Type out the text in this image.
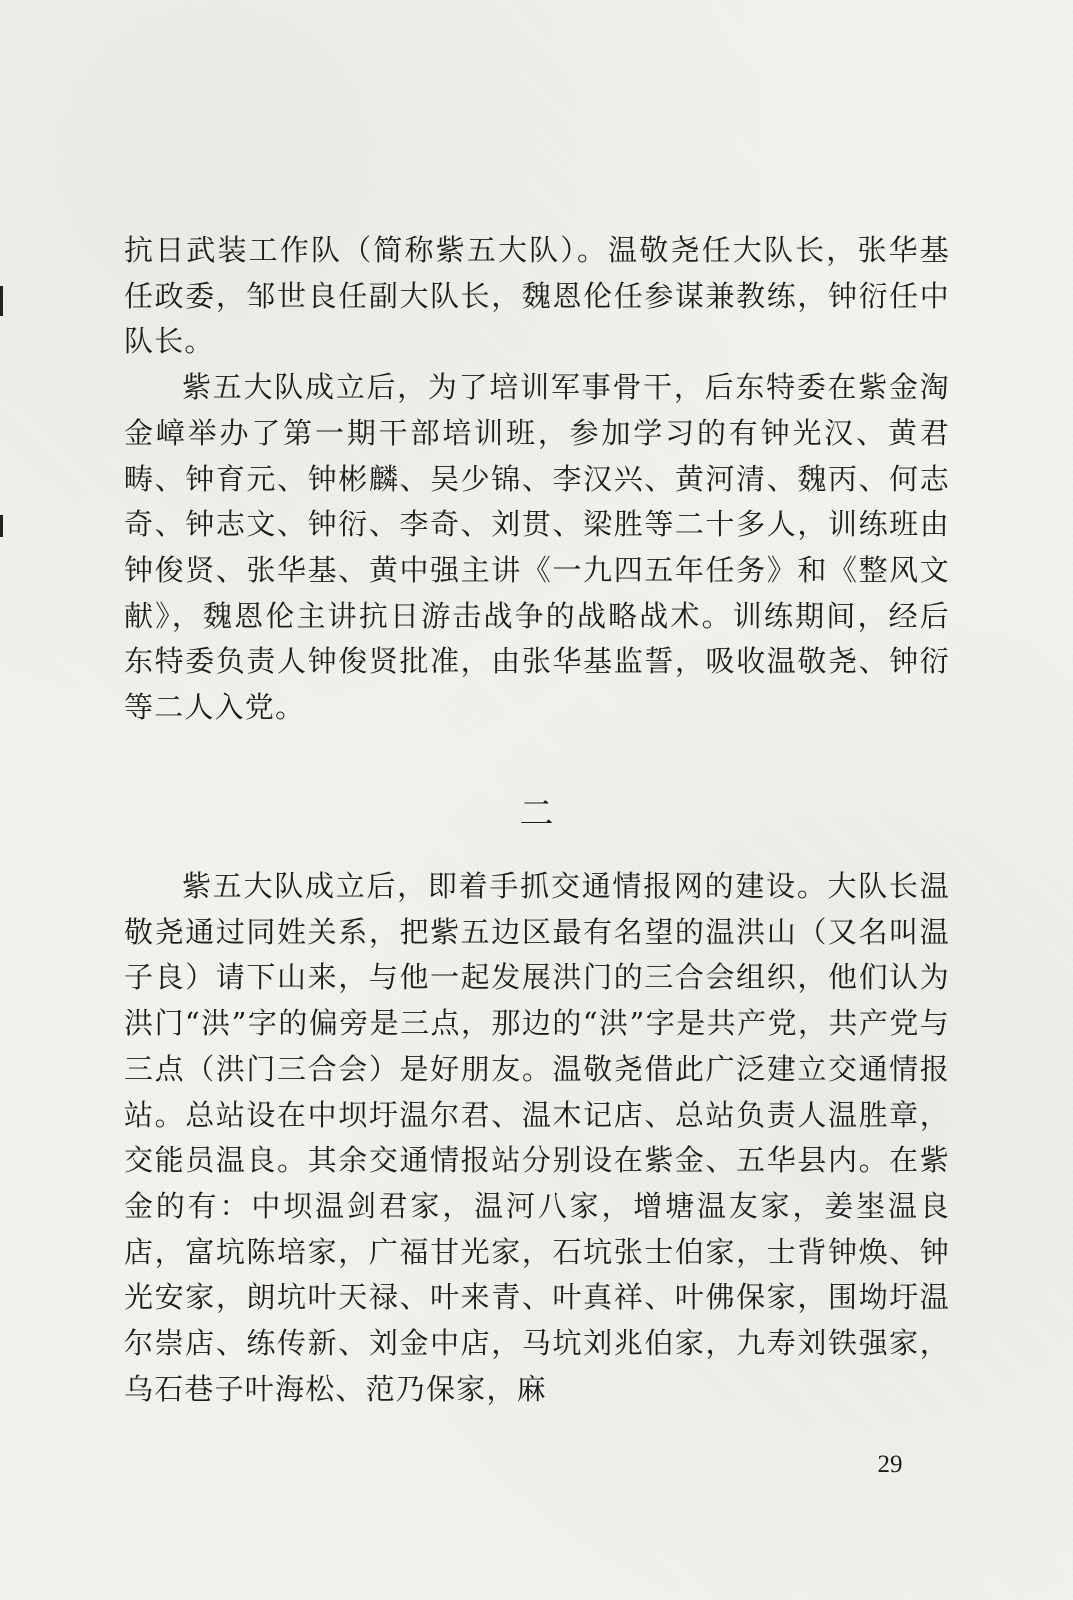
抗日武装工作队（简称紫五大队）。温敬尧任大队长，张华基任政委，邹世良任副大队长，魏恩伦任参谋兼教练，钟衍任中队长。

紫五大队成立后，为了培训军事骨干，后东特委在紫金淘金嶂举办了第一期干部培训班，参加学习的有钟光汉、黄君畴、钟育元、钟彬麟、吴少锦、李汉兴、黄河清、魏丙、何志奇、钟志文、钟衍、李奇、刘贯、梁胜等二十多人，训练班由钟俊贤、张华基、黄中强主讲《一九四五年任务》和《整风文献》，魏恩伦主讲抗日游击战争的战略战术。训练期间，经后东特委负责人钟俊贤批准，由张华基监誓，吸收温敬尧、钟衍等二人入党。

二

紫五大队成立后，即着手抓交通情报网的建设。大队长温敬尧通过同姓关系，把紫五边区最有名望的温洪山（又名叫温子良）请下山来，与他一起发展洪门的三合会组织，他们认为洪门“洪”字的偏旁是三点，那边的“洪”字是共产党，共产党与三点（洪门三合会）是好朋友。温敬尧借此广泛建立交通情报站。总站设在中坝圩温尔君、温木记店、总站负责人温胜章，交能员温良。其余交通情报站分别设在紫金、五华县内。在紫金的有：中坝温剑君家，温河八家，增塘温友家，姜埊温良店，富坑陈培家，广福甘光家，石坑张士伯家，士背钟焕、钟光安家，朗坑叶天禄、叶来青、叶真祥、叶佛保家，围坳圩温尔崇店、练传新、刘金中店，马坑刘兆伯家，九寿刘铁强家，乌石巷子叶海松、范乃保家，麻

29
